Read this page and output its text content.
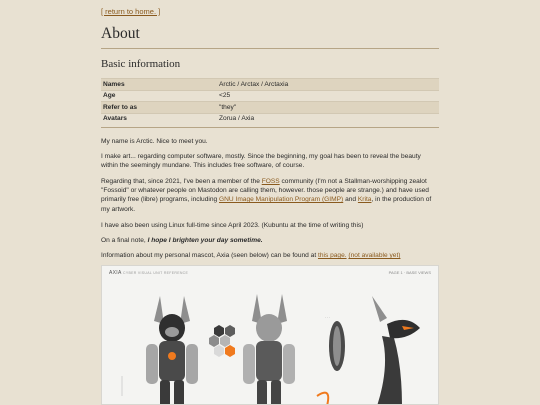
[ return to home. ]
About
Basic information
Names	Arctic / Arctax / Arctaxia
Age	<25
Refer to as	"they"
Avatars	Zorua / Axia

My name is Arctic. Nice to meet you.

I make art... regarding computer software, mostly. Since the beginning, my goal has been to reveal the beauty within the seemingly mundane. This includes free software, of course.

Regarding that, since 2021, I've been a member of the FOSS community (I'm not a Stallman-worshipping zealot "Fossoid" or whatever people on Mastodon are calling them, however. those people are strange.) and have used primarily free (libre) programs, including GNU Image Manipulation Program (GIMP) and Krita, in the production of my artwork.

I have also been using Linux full-time since April 2023. (Kubuntu at the time of writing this)

On a final note, I hope I brighten your day sometime.

Information about my personal mascot, Axia (seen below) can be found at this page. (not available yet)

AXIA CYBER VISUAL UNIT REFERENCE	PAGE 1 · BASE VIEWS
· · ·
